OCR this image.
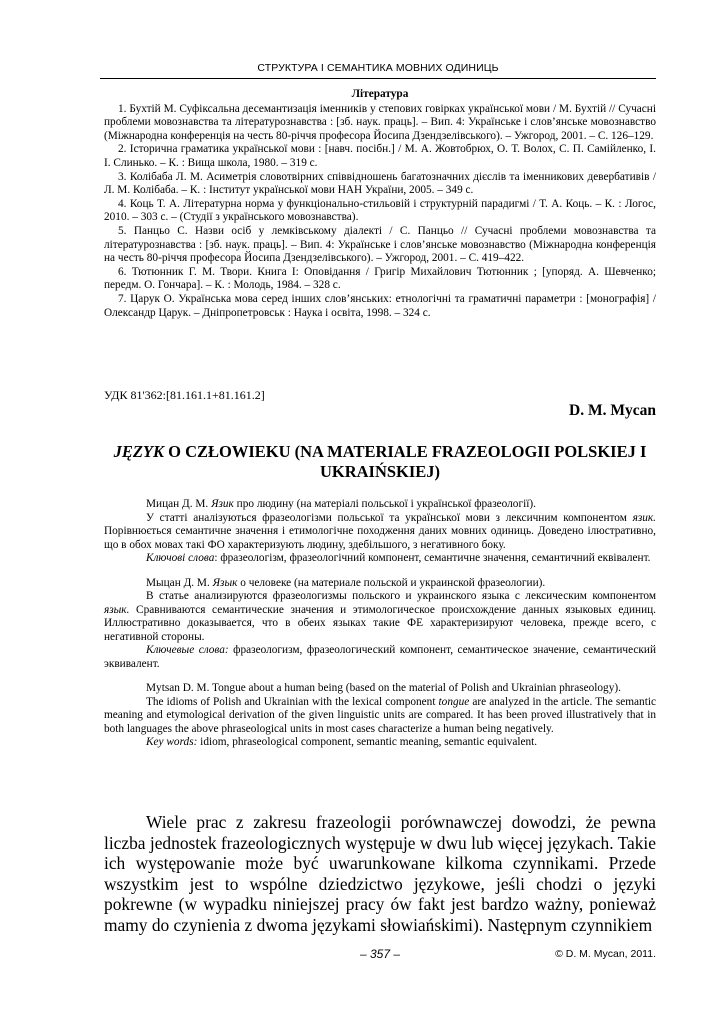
СТРУКТУРА І СЕМАНТИКА МОВНИХ ОДИНИЦЬ
Література

1. Бухтій М. Суфіксальна десемантизація іменників у степових говірках української мови / М. Бухтій // Сучасні проблеми мовознавства та літературознавства : [зб. наук. праць]. – Вип. 4: Українське і слов’янське мовознавство (Міжнародна конференція на честь 80-річчя професора Йосипа Дзендзелівського). – Ужгород, 2001. – С. 126–129.

2. Історична граматика української мови : [навч. посібн.] / М. А. Жовтобрюх, О. Т. Волох, С. П. Самійленко, І. І. Слинько. – К. : Вища школа, 1980. – 319 с.

3. Колібаба Л. М. Асиметрія словотвірних співвідношень багатозначних дієслів та іменникових девербативів / Л. М. Колібаба. – К. : Інститут української мови НАН України, 2005. – 349 с.

4. Коць Т. А. Літературна норма у функціонально-стильовій і структурній парадигмі / Т. А. Коць. – К. : Логос, 2010. – 303 с. – (Студії з українського мовознавства).

5. Панцьо С. Назви осіб у лемківському діалекті / С. Панцьо // Сучасні проблеми мовознавства та літературознавства : [зб. наук. праць]. – Вип. 4: Українське і слов’янське мовознавство (Міжнародна конференція на честь 80-річчя професора Йосипа Дзендзелівського). – Ужгород, 2001. – С. 419–422.

6. Тютюнник Г. М. Твори. Книга І: Оповідання / Григір Михайлович Тютюнник ; [упоряд. А. Шевченко; передм. О. Гончара]. – К. : Молодь, 1984. – 328 с.

7. Царук О. Українська мова серед інших слов’янських: етнологічні та граматичні параметри : [монографія] / Олександр Царук. – Дніпропетровськ : Наука і освіта, 1998. – 324 с.

УДК 81'362:[81.161.1+81.161.2]
D. M. Mycan
JĘZYK O CZŁOWIEKU (NA MATERIALE FRAZEOLOGII POLSKIEJ I UKRAIŃSKIEJ)

Мицан Д. М. Язик про людину (на матеріалі польської і української фразеології).

У статті аналізуються фразеологізми польської та української мови з лексичним компонентом язик. Порівнюється семантичне значення і етимологічне походження даних мовних одиниць. Доведено ілюстративно, що в обох мовах такі ФО характеризують людину, здебільшого, з негативного боку.

Ключові слова: фразеологізм, фразеологічний компонент, семантичне значення, семантичний еквівалент.

Мыцан Д. М. Язык о человеке (на материале польской и украинской фразеологии).

В статье анализируются фразеологизмы польского и украинского языка с лексическим компонентом язык. Сравниваются семантические значения и этимологическое происхождение данных языковых единиц. Иллюстративно доказывается, что в обеих языках такие ФЕ характеризируют человека, прежде всего, с негативной стороны.

Ключевые слова: фразеологизм, фразеологический компонент, семантическое значение, семантический эквивалент.

Mytsan D. M. Tongue about a human being (based on the material of Polish and Ukrainian phraseology).

The idioms of Polish and Ukrainian with the lexical component tongue are analyzed in the article. The semantic meaning and etymological derivation of the given linguistic units are compared. It has been proved illustratively that in both languages the above phraseological units in most cases characterize a human being negatively.

Key words: idiom, phraseological component, semantic meaning, semantic equivalent.

Wiele prac z zakresu frazeologii porównawczej dowodzi, że pewna liczba jednostek frazeologicznych występuje w dwu lub więcej językach. Takie ich występowanie może być uwarunkowane kilkoma czynnikami. Przede wszystkim jest to wspólne dziedzictwo językowe, jeśli chodzi o języki pokrewne (w wypadku niniejszej pracy ów fakt jest bardzo ważny, ponieważ mamy do czynienia z dwoma językami słowiańskimi). Następnym czynnikiem

– 357 –	© D. M. Mycan, 2011.
